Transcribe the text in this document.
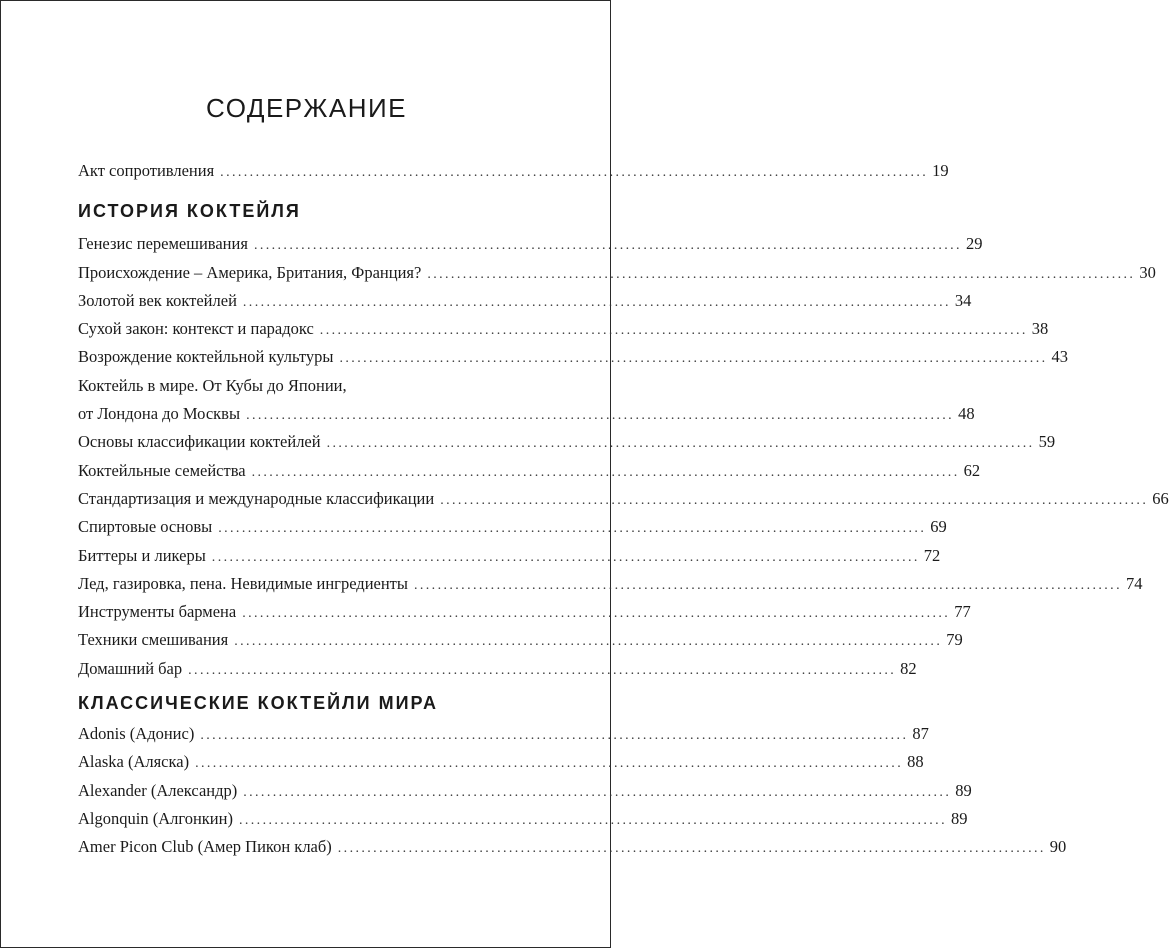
СОДЕРЖАНИЕ
Акт сопротивления ........................................................................................................................ 19
ИСТОРИЯ КОКТЕЙЛЯ
Генезис перемешивания ........................................................................................................................ 29
Происхождение – Америка, Британия, Франция? ........................................................................................................................ 30
Золотой век коктейлей ........................................................................................................................ 34
Сухой закон: контекст и парадокс ........................................................................................................................ 38
Возрождение коктейльной культуры ........................................................................................................................ 43
Коктейль в мире. От Кубы до Японии,
от Лондона до Москвы ........................................................................................................................ 48
Основы классификации коктейлей ........................................................................................................................ 59
Коктейльные семейства ........................................................................................................................ 62
Стандартизация и международные классификации ........................................................................................................................ 66
Спиртовые основы ........................................................................................................................ 69
Биттеры и ликеры ........................................................................................................................ 72
Лед, газировка, пена. Невидимые ингредиенты ........................................................................................................................ 74
Инструменты бармена ........................................................................................................................ 77
Техники смешивания ........................................................................................................................ 79
Домашний бар ........................................................................................................................ 82
КЛАССИЧЕСКИЕ КОКТЕЙЛИ МИРА
Adonis (Адонис) ........................................................................................................................ 87
Alaska (Аляска) ........................................................................................................................ 88
Alexander (Александр) ........................................................................................................................ 89
Algonquin (Алгонкин) ........................................................................................................................ 89
Amer Picon Club (Амер Пикон клаб) ........................................................................................................................ 90
